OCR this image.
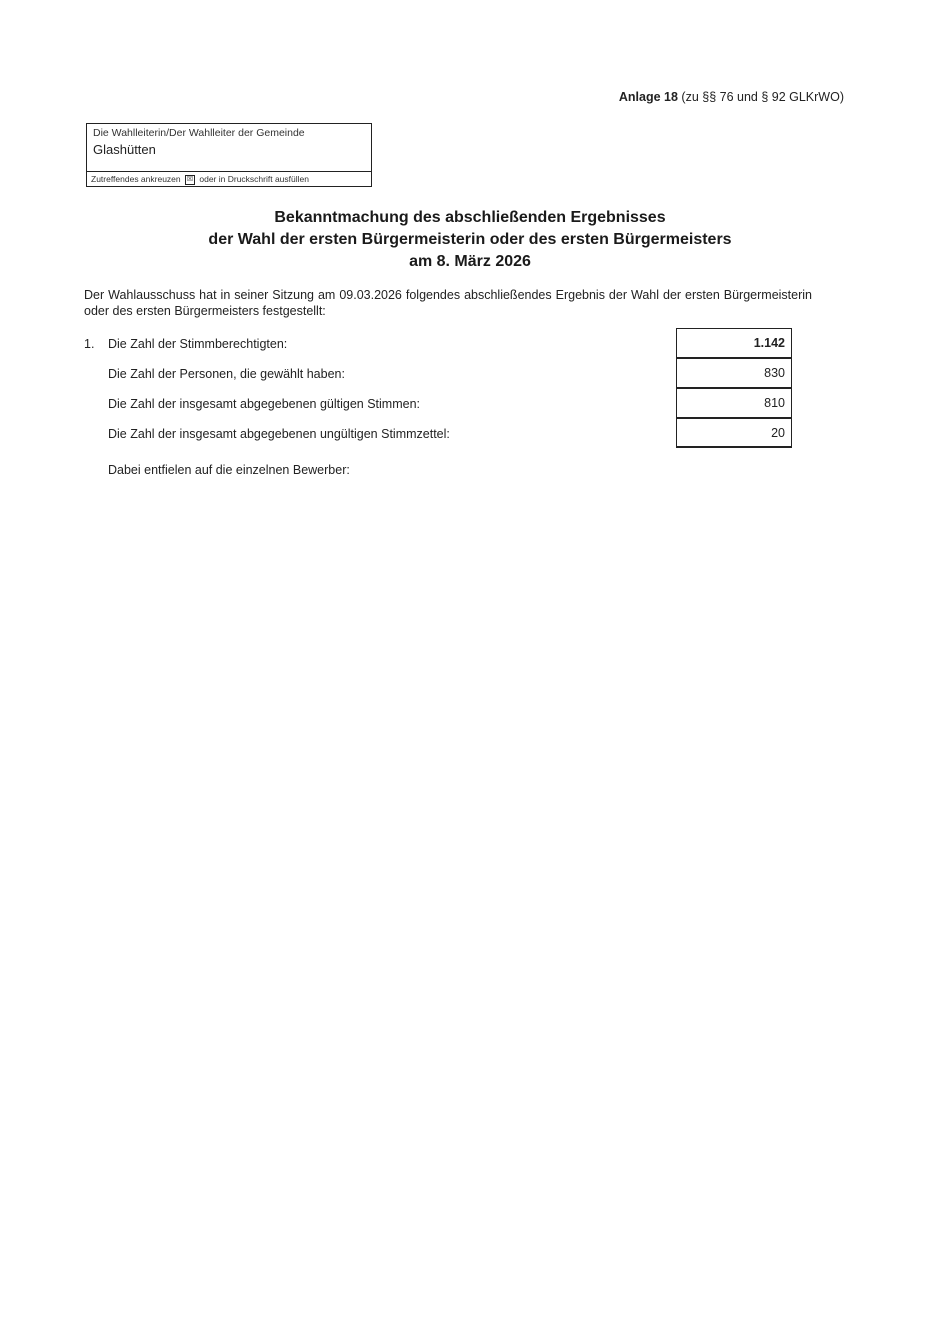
Anlage 18 (zu §§ 76 und § 92 GLKrWO)
Die Wahlleiterin/Der Wahlleiter der Gemeinde
Glashütten
Zutreffendes ankreuzen ☒ oder in Druckschrift ausfüllen
Bekanntmachung des abschließenden Ergebnisses
der Wahl der ersten Bürgermeisterin oder des ersten Bürgermeisters
am 8. März 2026
Der Wahlausschuss hat in seiner Sitzung am 09.03.2026 folgendes abschließendes Ergebnis der Wahl der ersten Bürgermeisterin oder des ersten Bürgermeisters festgestellt:
1. Die Zahl der Stimmberechtigten:	1.142
Die Zahl der Personen, die gewählt haben:	830
Die Zahl der insgesamt abgegebenen gültigen Stimmen:	810
Die Zahl der insgesamt abgegebenen ungültigen Stimmzettel:	20
Dabei entfielen auf die einzelnen Bewerber:
